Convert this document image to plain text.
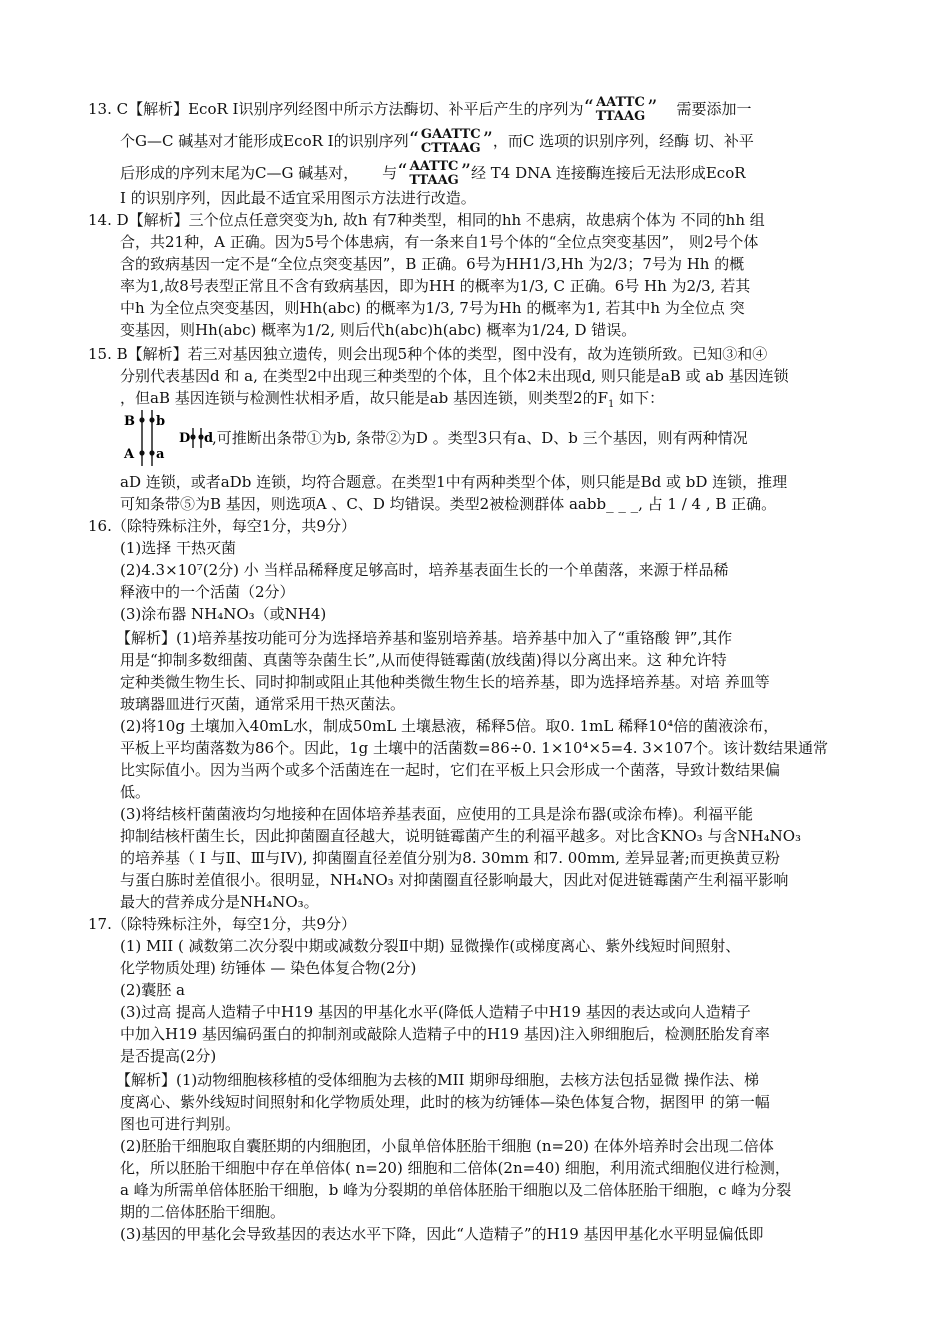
13. C【解析】EcoR I识别序列经图中所示方法酶切、补平后产生的序列为“ AATTC
TTAAG ” 需要添加一
个G—C 碱基对才能形成EcoR I的识别序列“ GAATTC
CTTAAG ”，而C 选项的识别序列，经酶 切、补平
后形成的序列末尾为C—G 碱基对， 与“ AATTC
TTAAG ”经 T4 DNA 连接酶连接后无法形成EcoR
I 的识别序列，因此最不适宜采用图示方法进行改造。
14. D【解析】三个位点任意突变为h, 故h 有7种类型，相同的hh 不患病，故患病个体为 不同的hh 组
合，共21种，A 正确。因为5号个体患病，有一条来自1号个体的“全位点突变基因”， 则2号个体
含的致病基因一定不是“全位点突变基因”，B 正确。6号为HH1/3,Hh 为2/3；7号为 Hh 的概
率为1,故8号表型正常且不含有致病基因，即为HH 的概率为1/3, C 正确。6号 Hh 为2/3, 若其
中h 为全位点突变基因，则Hh(abc) 的概率为1/3, 7号为Hh 的概率为1, 若其中h 为全位点 突
变基因，则Hh(abc) 概率为1/2, 则后代h(abc)h(abc) 概率为1/24, D 错误。
15. B【解析】若三对基因独立遗传，则会出现5种个体的类型，图中没有，故为连锁所致。已知③和④
分别代表基因d 和 a, 在类型2中出现三种类型的个体，且个体2未出现d, 则只能是aB 或 ab 基因连锁
，但aB 基因连锁与检测性状相矛盾，故只能是ab 基因连锁，则类型2的$F_1$ 如下：
B b
A a
D d
,可推断出条带①为b, 条带②为D 。类型3只有a、D、b 三个基因，则有两种情况
aD 连锁，或者aDb 连锁，均符合题意。在类型1中有两种类型个体，则只能是Bd 或 bD 连锁，推理
可知条带⑤为B 基因，则选项A 、C、D 均错误。类型2被检测群体 aabb_ _ _, 占 1 / 4 , B 正确。
16.（除特殊标注外，每空1分，共9分）
(1)选择 干热灭菌
(2)4.3×10⁷(2分) 小 当样品稀释度足够高时，培养基表面生长的一个单菌落，来源于样品稀
释液中的一个活菌（2分）
(3)涂布器 NH₄NO₃（或NH4)
【解析】(1)培养基按功能可分为选择培养基和鉴别培养基。培养基中加入了“重铬酸 钾”,其作
用是“抑制多数细菌、真菌等杂菌生长”,从而使得链霉菌(放线菌)得以分离出来。这 种允许特
定种类微生物生长、同时抑制或阻止其他种类微生物生长的培养基，即为选择培养基。对培 养皿等
玻璃器皿进行灭菌，通常采用干热灭菌法。
(2)将10g 土壤加入40mL水，制成50mL 土壤悬液，稀释5倍。取0. 1mL 稀释10⁴倍的菌液涂布，
平板上平均菌落数为86个。因此，1g 土壤中的活菌数=86÷0. 1×10⁴×5=4. 3×107个。该计数结果通常
比实际值小。因为当两个或多个活菌连在一起时，它们在平板上只会形成一个菌落，导致计数结果偏
低。
(3)将结核杆菌菌液均匀地接种在固体培养基表面，应使用的工具是涂布器(或涂布棒)。利福平能
抑制结核杆菌生长，因此抑菌圈直径越大，说明链霉菌产生的利福平越多。对比含KNO₃ 与含NH₄NO₃
的培养基（ I 与Ⅱ、Ⅲ与IV), 抑菌圈直径差值分别为8. 30mm 和7. 00mm, 差异显著;而更换黄豆粉
与蛋白胨时差值很小。很明显，NH₄NO₃ 对抑菌圈直径影响最大，因此对促进链霉菌产生利福平影响
最大的营养成分是NH₄NO₃。
17.（除特殊标注外，每空1分，共9分）
(1) MII ( 减数第二次分裂中期或减数分裂Ⅱ中期) 显微操作(或梯度离心、紫外线短时间照射、
化学物质处理) 纺锤体 — 染色体复合物(2分)
(2)囊胚 a
(3)过高 提高人造精子中H19 基因的甲基化水平(降低人造精子中H19 基因的表达或向人造精子
中加入H19 基因编码蛋白的抑制剂或敲除人造精子中的H19 基因)注入卵细胞后，检测胚胎发育率
是否提高(2分)
【解析】(1)动物细胞核移植的受体细胞为去核的MII 期卵母细胞，去核方法包括显微 操作法、梯
度离心、紫外线短时间照射和化学物质处理，此时的核为纺锤体—染色体复合物，据图甲 的第一幅
图也可进行判别。
(2)胚胎干细胞取自囊胚期的内细胞团，小鼠单倍体胚胎干细胞 (n=20) 在体外培养时会出现二倍体
化，所以胚胎干细胞中存在单倍体( n=20) 细胞和二倍体(2n=40) 细胞，利用流式细胞仪进行检测，
a 峰为所需单倍体胚胎干细胞，b 峰为分裂期的单倍体胚胎干细胞以及二倍体胚胎干细胞，c 峰为分裂
期的二倍体胚胎干细胞。
(3)基因的甲基化会导致基因的表达水平下降，因此“人造精子”的H19 基因甲基化水平明显偏低即
